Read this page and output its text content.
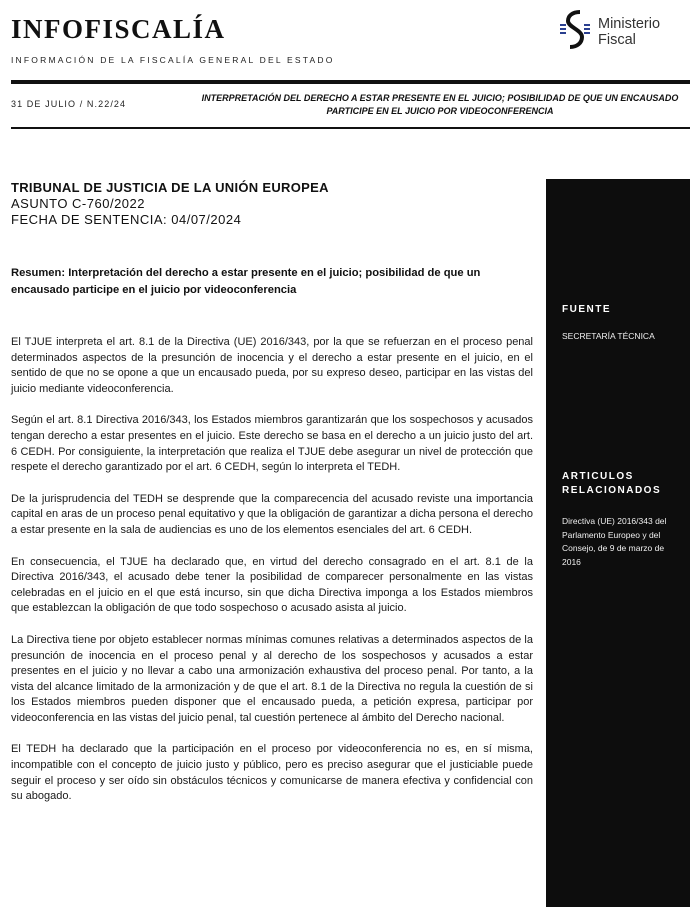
INFOFISCALÍA
INFORMACIÓN DE LA FISCALÍA GENERAL DEL ESTADO
Ministerio
Fiscal
31 DE JULIO / N.22/24
INTERPRETACIÓN DEL DERECHO A ESTAR PRESENTE EN EL JUICIO; POSIBILIDAD DE QUE UN ENCAUSADO PARTICIPE EN EL JUICIO POR VIDEOCONFERENCIA
TRIBUNAL DE JUSTICIA DE LA UNIÓN EUROPEA
ASUNTO C-760/2022
FECHA DE SENTENCIA: 04/07/2024
Resumen: Interpretación del derecho a estar presente en el juicio; posibilidad de que un encausado participe en el juicio por videoconferencia

El TJUE interpreta el art. 8.1 de la Directiva (UE) 2016/343, por la que se refuerzan en el proceso penal determinados aspectos de la presunción de inocencia y el derecho a estar presente en el juicio, en el sentido de que no se opone a que un encausado pueda, por su expreso deseo, participar en las vistas del juicio mediante videoconferencia.

Según el art. 8.1 Directiva 2016/343, los Estados miembros garantizarán que los sospechosos y acusados tengan derecho a estar presentes en el juicio. Este derecho se basa en el derecho a un juicio justo del art. 6 CEDH. Por consiguiente, la interpretación que realiza el TJUE debe asegurar un nivel de protección que respete el derecho garantizado por el art. 6 CEDH, según lo interpreta el TEDH.

De la jurisprudencia del TEDH se desprende que la comparecencia del acusado reviste una importancia capital en aras de un proceso penal equitativo y que la obligación de garantizar a dicha persona el derecho a estar presente en la sala de audiencias es uno de los elementos esenciales del art. 6 CEDH.

En consecuencia, el TJUE ha declarado que, en virtud del derecho consagrado en el art. 8.1 de la Directiva 2016/343, el acusado debe tener la posibilidad de comparecer personalmente en las vistas celebradas en el juicio en el que está incurso, sin que dicha Directiva imponga a los Estados miembros que establezcan la obligación de que todo sospechoso o acusado asista al juicio.

La Directiva tiene por objeto establecer normas mínimas comunes relativas a determinados aspectos de la presunción de inocencia en el proceso penal y al derecho de los sospechosos y acusados a estar presentes en el juicio y no llevar a cabo una armonización exhaustiva del proceso penal. Por tanto, a la vista del alcance limitado de la armonización y de que el art. 8.1 de la Directiva no regula la cuestión de si los Estados miembros pueden disponer que el encausado pueda, a petición expresa, participar por videoconferencia en las vistas del juicio penal, tal cuestión pertenece al ámbito del Derecho nacional.

El TEDH ha declarado que la participación en el proceso por videoconferencia no es, en sí misma, incompatible con el concepto de juicio justo y público, pero es preciso asegurar que el justiciable puede seguir el proceso y ser oído sin obstáculos técnicos y comunicarse de manera efectiva y confidencial con su abogado.

FUENTE
SECRETARÍA TÉCNICA
ARTICULOS RELACIONADOS
Directiva (UE) 2016/343 del Parlamento Europeo y del Consejo, de 9 de marzo de 2016
